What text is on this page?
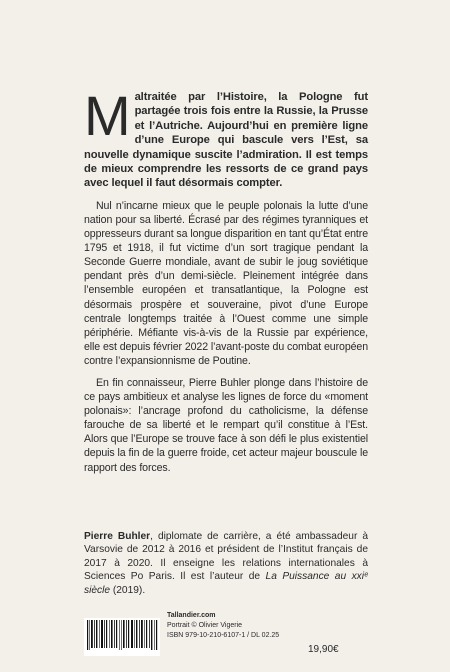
Maltraitée par l’Histoire, la Pologne fut partagée trois fois entre la Russie, la Prusse et l’Autriche. Aujourd’hui en première ligne d’une Europe qui bascule vers l’Est, sa nouvelle dynamique suscite l’admiration. Il est temps de mieux comprendre les ressorts de ce grand pays avec lequel il faut désormais compter.

Nul n’incarne mieux que le peuple polonais la lutte d’une nation pour sa liberté. Écrasé par des régimes tyranniques et oppresseurs durant sa longue disparition en tant qu’État entre 1795 et 1918, il fut victime d’un sort tragique pendant la Seconde Guerre mondiale, avant de subir le joug soviétique pendant près d’un demi-siècle. Pleinement intégrée dans l’ensemble européen et transatlantique, la Pologne est désormais prospère et souveraine, pivot d’une Europe centrale longtemps traitée à l’Ouest comme une simple périphérie. Méfiante vis-à-vis de la Russie par expérience, elle est depuis février 2022 l’avant-poste du combat européen contre l’expansionnisme de Poutine.

En fin connaisseur, Pierre Buhler plonge dans l’histoire de ce pays ambitieux et analyse les lignes de force du «moment polonais»: l’ancrage profond du catholicisme, la défense farouche de sa liberté et le rempart qu’il constitue à l’Est. Alors que l’Europe se trouve face à son défi le plus existentiel depuis la fin de la guerre froide, cet acteur majeur bouscule le rapport des forces.

Pierre Buhler, diplomate de carrière, a été ambassadeur à Varsovie de 2012 à 2016 et président de l’Institut français de 2017 à 2020. Il enseigne les relations internationales à Sciences Po Paris. Il est l’auteur de La Puissance au xxiᵉ siècle (2019).
Tallandier.com
Portrait © Olivier Vigerie
ISBN 979-10-210-6107-1 / DL 02.25
19,90€
